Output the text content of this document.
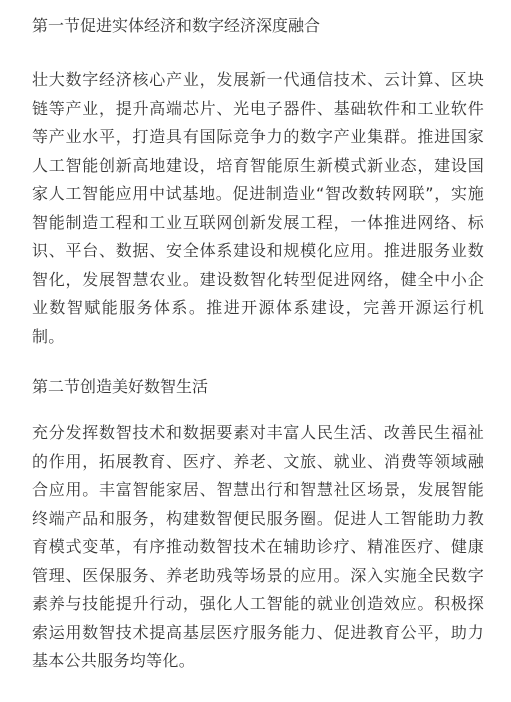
第一节促进实体经济和数字经济深度融合

壮大数字经济核心产业，发展新一代通信技术、云计算、区块链等产业，提升高端芯片、光电子器件、基础软件和工业软件等产业水平，打造具有国际竞争力的数字产业集群。推进国家人工智能创新高地建设，培育智能原生新模式新业态，建设国家人工智能应用中试基地。促进制造业“智改数转网联”，实施智能制造工程和工业互联网创新发展工程，一体推进网络、标识、平台、数据、安全体系建设和规模化应用。推进服务业数智化，发展智慧农业。建设数智化转型促进网络，健全中小企业数智赋能服务体系。推进开源体系建设，完善开源运行机制。

第二节创造美好数智生活

充分发挥数智技术和数据要素对丰富人民生活、改善民生福祉的作用，拓展教育、医疗、养老、文旅、就业、消费等领域融合应用。丰富智能家居、智慧出行和智慧社区场景，发展智能终端产品和服务，构建数智便民服务圈。促进人工智能助力教育模式变革，有序推动数智技术在辅助诊疗、精准医疗、健康管理、医保服务、养老助残等场景的应用。深入实施全民数字素养与技能提升行动，强化人工智能的就业创造效应。积极探索运用数智技术提高基层医疗服务能力、促进教育公平，助力基本公共服务均等化。
